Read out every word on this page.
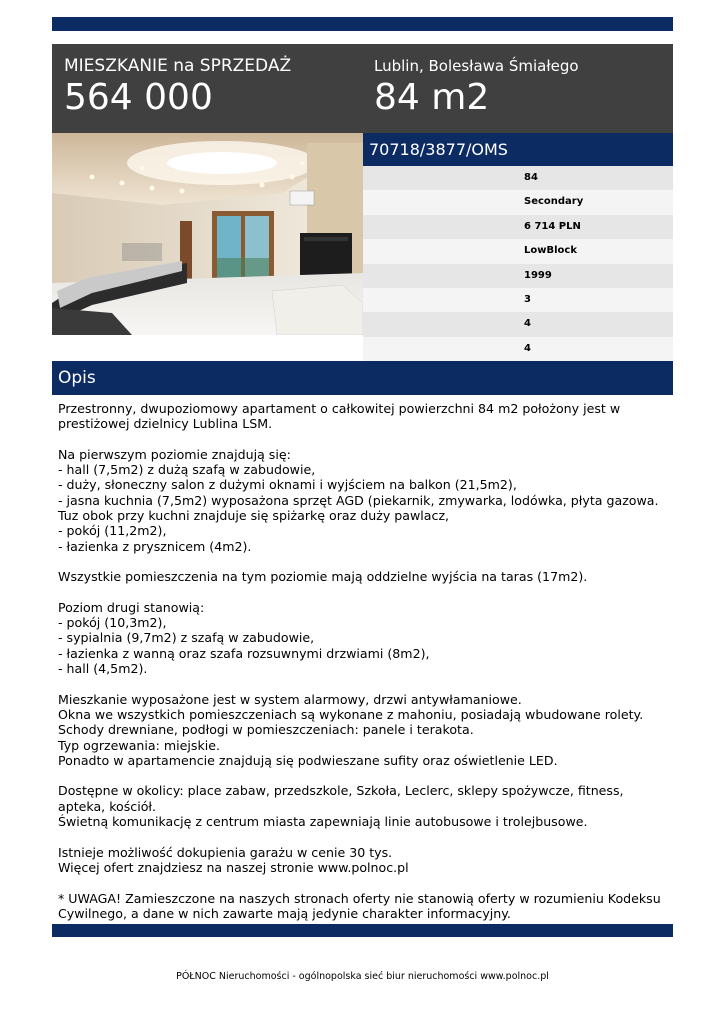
MIESZKANIE na SPRZEDAŻ
564 000
Lublin, Bolesława Śmiałego
84 m2
70718/3877/OMS
84
Secondary
6 714 PLN
LowBlock
1999
3
4
4
Opis
Przestronny, dwupoziomowy apartament o całkowitej powierzchni 84 m2 położony jest w prestiżowej dzielnicy Lublina LSM.

Na pierwszym poziomie znajdują się:
- hall (7,5m2) z dużą szafą w zabudowie,
- duży, słoneczny salon z dużymi oknami i wyjściem na balkon (21,5m2),
- jasna kuchnia (7,5m2) wyposażona sprzęt AGD (piekarnik, zmywarka, lodówka, płyta gazowa. Tuz obok przy kuchni znajduje się spiżarkę oraz duży pawlacz,
- pokój (11,2m2),
- łazienka z prysznicem (4m2).

Wszystkie pomieszczenia na tym poziomie mają oddzielne wyjścia na taras (17m2).

Poziom drugi stanowią:
- pokój (10,3m2),
- sypialnia (9,7m2) z szafą w zabudowie,
- łazienka z wanną oraz szafa rozsuwnymi drzwiami (8m2),
- hall (4,5m2).

Mieszkanie wyposażone jest w system alarmowy, drzwi antywłamaniowe.
Okna we wszystkich pomieszczeniach są wykonane z mahoniu, posiadają wbudowane rolety.
Schody drewniane, podłogi w pomieszczeniach: panele i terakota.
Typ ogrzewania: miejskie.
Ponadto w apartamencie znajdują się podwieszane sufity oraz oświetlenie LED.

Dostępne w okolicy: place zabaw, przedszkole, Szkoła, Leclerc, sklepy spożywcze, fitness, apteka, kościół.
Świetną komunikację z centrum miasta zapewniają linie autobusowe i trolejbusowe.

Istnieje możliwość dokupienia garażu w cenie 30 tys.
Więcej ofert znajdziesz na naszej stronie www.polnoc.pl

* UWAGA! Zamieszczone na naszych stronach oferty nie stanowią oferty w rozumieniu Kodeksu Cywilnego, a dane w nich zawarte mają jedynie charakter informacyjny.
PÓŁNOC Nieruchomości - ogólnopolska sieć biur nieruchomości www.polnoc.pl
